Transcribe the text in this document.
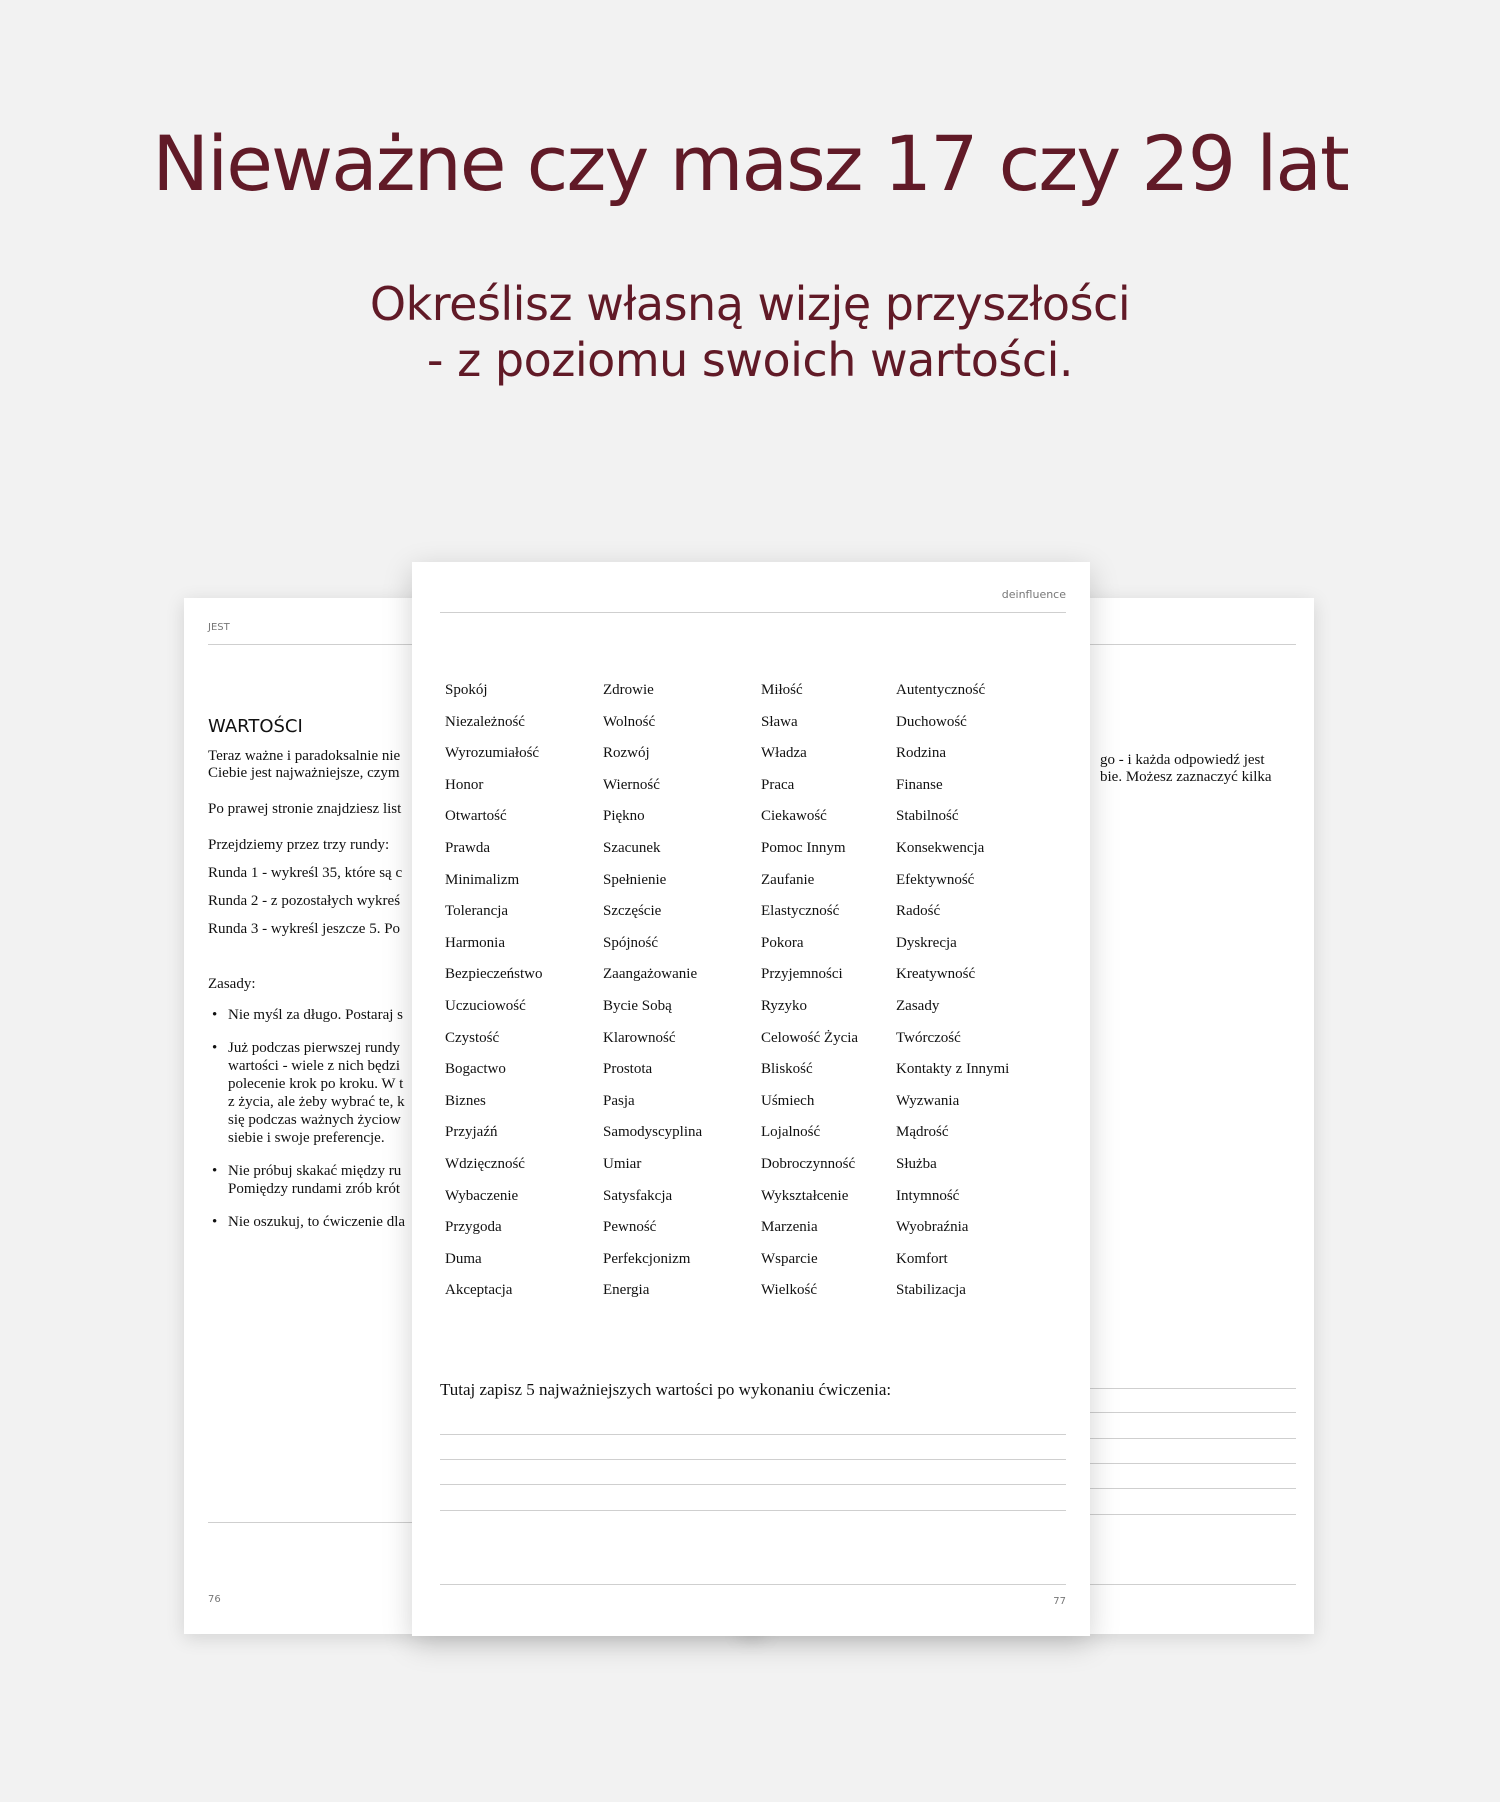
Nieważne czy masz 17 czy 29 lat
Określisz własną wizję przyszłości
- z poziomu swoich wartości.
JEST
WARTOŚCI
Teraz ważne i paradoksalnie nie
Ciebie jest najważniejsze, czym
Po prawej stronie znajdziesz list
Przejdziemy przez trzy rundy:
Runda 1 - wykreśl 35, które są c
Runda 2 - z pozostałych wykreś
Runda 3 - wykreśl jeszcze 5. Po
Zasady:
• Nie myśl za długo. Postaraj s
• Już podczas pierwszej rundy
wartości - wiele z nich będzi
polecenie krok po kroku. W t
z życia, ale żeby wybrać te, k
się podczas ważnych życiow
siebie i swoje preferencje.
• Nie próbuj skakać między ru
Pomiędzy rundami zrób krót
• Nie oszukuj, to ćwiczenie dla
76
go - i każda odpowiedź jest
bie. Możesz zaznaczyć kilka
deinfluence
Spokój
Niezależność
Wyrozumiałość
Honor
Otwartość
Prawda
Minimalizm
Tolerancja
Harmonia
Bezpieczeństwo
Uczuciowość
Czystość
Bogactwo
Biznes
Przyjaźń
Wdzięczność
Wybaczenie
Przygoda
Duma
Akceptacja
Zdrowie
Wolność
Rozwój
Wierność
Piękno
Szacunek
Spełnienie
Szczęście
Spójność
Zaangażowanie
Bycie Sobą
Klarowność
Prostota
Pasja
Samodyscyplina
Umiar
Satysfakcja
Pewność
Perfekcjonizm
Energia
Miłość
Sława
Władza
Praca
Ciekawość
Pomoc Innym
Zaufanie
Elastyczność
Pokora
Przyjemności
Ryzyko
Celowość Życia
Bliskość
Uśmiech
Lojalność
Dobroczynność
Wykształcenie
Marzenia
Wsparcie
Wielkość
Autentyczność
Duchowość
Rodzina
Finanse
Stabilność
Konsekwencja
Efektywność
Radość
Dyskrecja
Kreatywność
Zasady
Twórczość
Kontakty z Innymi
Wyzwania
Mądrość
Służba
Intymność
Wyobraźnia
Komfort
Stabilizacja
Tutaj zapisz 5 najważniejszych wartości po wykonaniu ćwiczenia:
77
